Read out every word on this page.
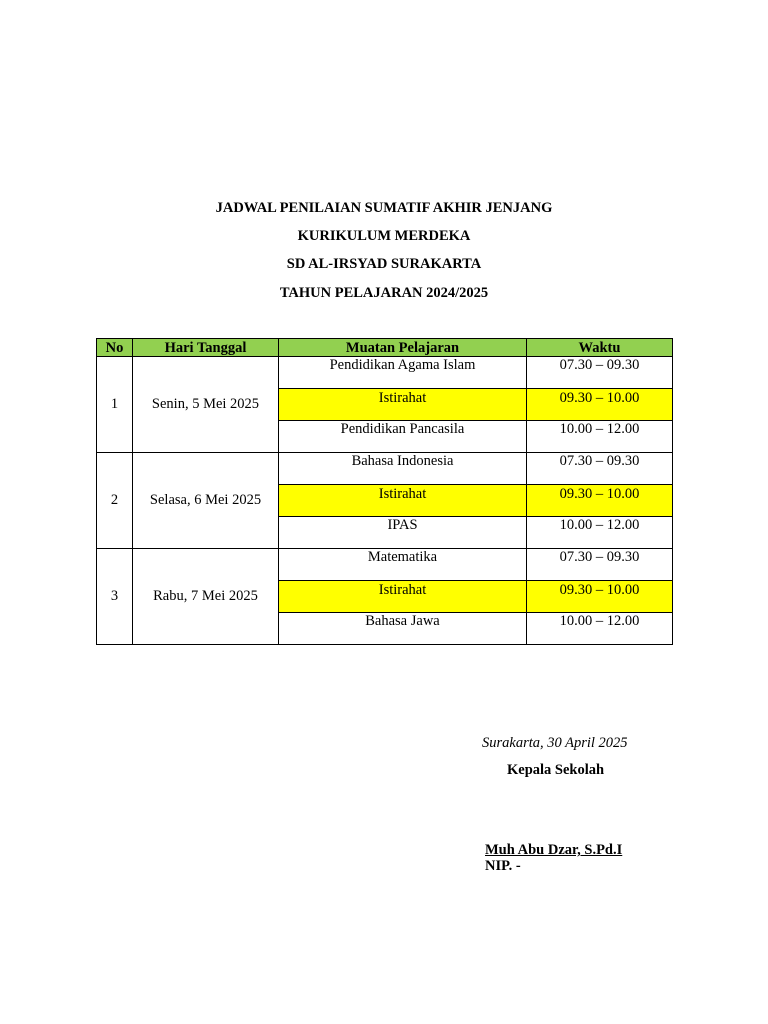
JADWAL PENILAIAN SUMATIF AKHIR JENJANG
KURIKULUM MERDEKA
SD AL-IRSYAD SURAKARTA
TAHUN PELAJARAN 2024/2025
No	Hari Tanggal	Muatan Pelajaran	Waktu
1	Senin, 5 Mei 2025	Pendidikan Agama Islam	07.30 – 09.30
		Istirahat	09.30 – 10.00
		Pendidikan Pancasila	10.00 – 12.00
2	Selasa, 6 Mei 2025	Bahasa Indonesia	07.30 – 09.30
		Istirahat	09.30 – 10.00
		IPAS	10.00 – 12.00
3	Rabu, 7 Mei 2025	Matematika	07.30 – 09.30
		Istirahat	09.30 – 10.00
		Bahasa Jawa	10.00 – 12.00
Surakarta, 30 April 2025
Kepala Sekolah
Muh Abu Dzar, S.Pd.I
NIP. -
